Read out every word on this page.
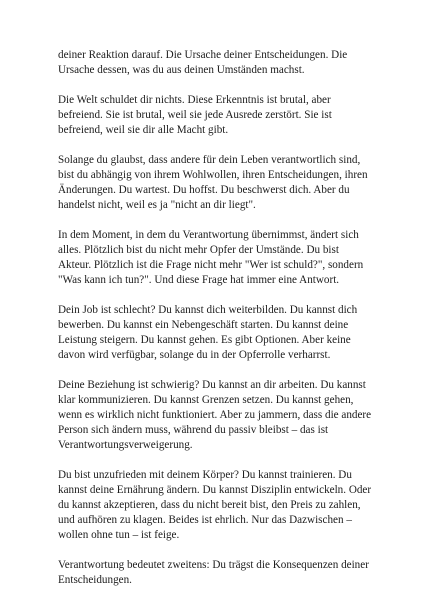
deiner Reaktion darauf. Die Ursache deiner Entscheidungen. Die Ursache dessen, was du aus deinen Umständen machst.

Die Welt schuldet dir nichts. Diese Erkenntnis ist brutal, aber befreiend. Sie ist brutal, weil sie jede Ausrede zerstört. Sie ist befreiend, weil sie dir alle Macht gibt.

Solange du glaubst, dass andere für dein Leben verantwortlich sind, bist du abhängig von ihrem Wohlwollen, ihren Entscheidungen, ihren Änderungen. Du wartest. Du hoffst. Du beschwerst dich. Aber du handelst nicht, weil es ja "nicht an dir liegt".

In dem Moment, in dem du Verantwortung übernimmst, ändert sich alles. Plötzlich bist du nicht mehr Opfer der Umstände. Du bist Akteur. Plötzlich ist die Frage nicht mehr "Wer ist schuld?", sondern "Was kann ich tun?". Und diese Frage hat immer eine Antwort.

Dein Job ist schlecht? Du kannst dich weiterbilden. Du kannst dich bewerben. Du kannst ein Nebengeschäft starten. Du kannst deine Leistung steigern. Du kannst gehen. Es gibt Optionen. Aber keine davon wird verfügbar, solange du in der Opferrolle verharrst.

Deine Beziehung ist schwierig? Du kannst an dir arbeiten. Du kannst klar kommunizieren. Du kannst Grenzen setzen. Du kannst gehen, wenn es wirklich nicht funktioniert. Aber zu jammern, dass die andere Person sich ändern muss, während du passiv bleibst – das ist Verantwortungsverweigerung.

Du bist unzufrieden mit deinem Körper? Du kannst trainieren. Du kannst deine Ernährung ändern. Du kannst Disziplin entwickeln. Oder du kannst akzeptieren, dass du nicht bereit bist, den Preis zu zahlen, und aufhören zu klagen. Beides ist ehrlich. Nur das Dazwischen – wollen ohne tun – ist feige.

Verantwortung bedeutet zweitens: Du trägst die Konsequenzen deiner Entscheidungen.
